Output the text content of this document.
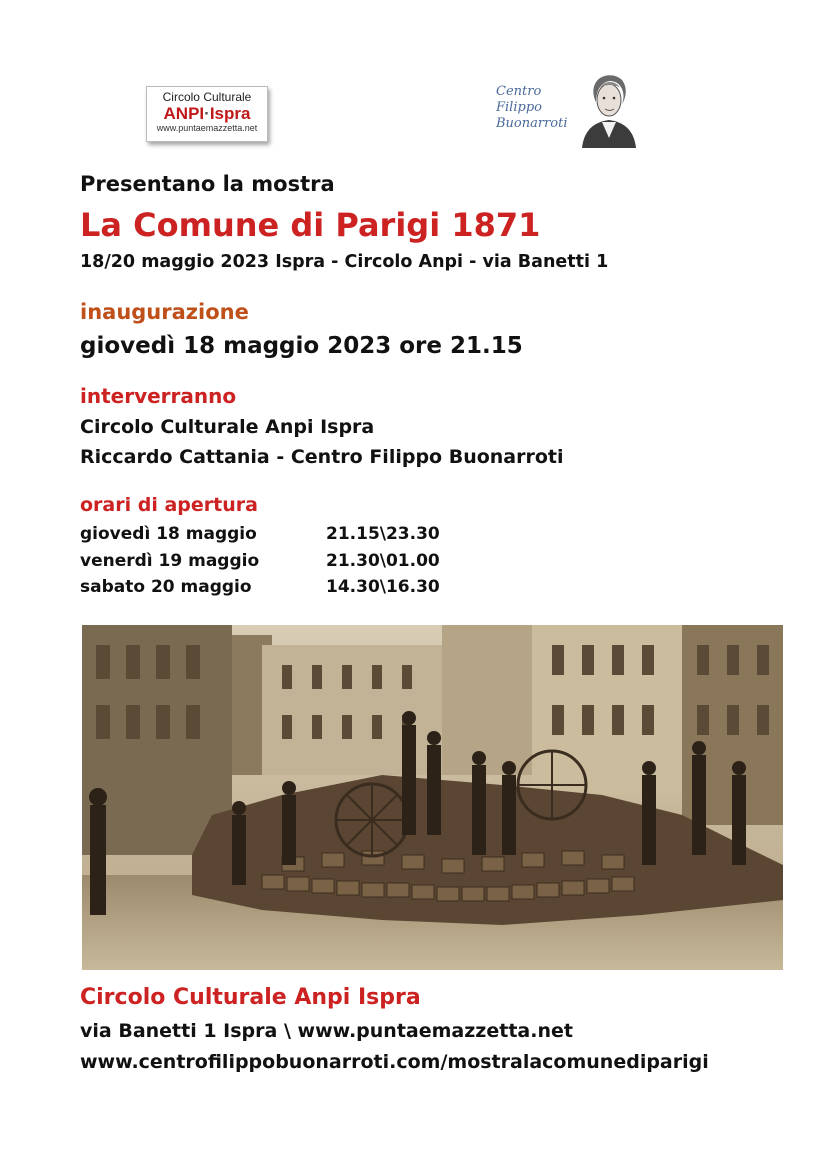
Circolo Culturale
ANPI·Ispra
www.puntaemazzetta.net
Centro
Filippo
Buonarroti
Presentano la mostra
La Comune di Parigi 1871
18/20 maggio 2023 Ispra - Circolo Anpi - via Banetti 1
inaugurazione
giovedì 18 maggio 2023 ore 21.15
interverranno
Circolo Culturale Anpi Ispra
Riccardo Cattania - Centro Filippo Buonarroti
orari di apertura
giovedì 18 maggio	21.15\23.30
venerdì 19 maggio	21.30\01.00
sabato 20 maggio	14.30\16.30
Circolo Culturale Anpi Ispra
via Banetti 1 Ispra \ www.puntaemazzetta.net
www.centrofilippobuonarroti.com/mostralacomunediparigi
